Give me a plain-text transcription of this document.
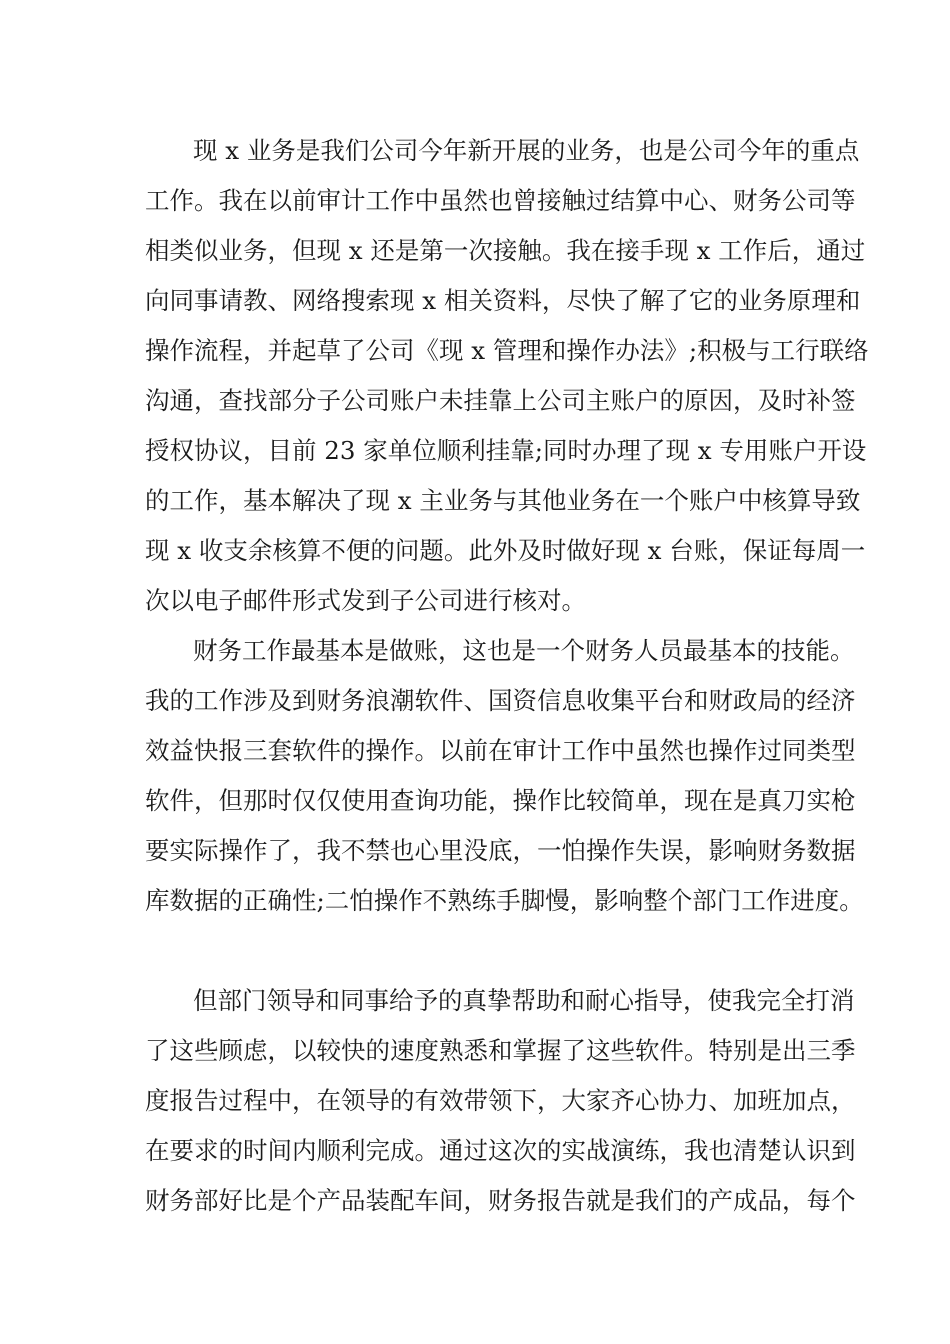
现 x 业务是我们公司今年新开展的业务，也是公司今年的重点

工作。我在以前审计工作中虽然也曾接触过结算中心、财务公司等

相类似业务，但现 x 还是第一次接触。我在接手现 x 工作后，通过

向同事请教、网络搜索现 x 相关资料，尽快了解了它的业务原理和

操作流程，并起草了公司《现 x 管理和操作办法》;积极与工行联络

沟通，查找部分子公司账户未挂靠上公司主账户的原因，及时补签

授权协议，目前 23 家单位顺利挂靠;同时办理了现 x 专用账户开设

的工作，基本解决了现 x 主业务与其他业务在一个账户中核算导致

现 x 收支余核算不便的问题。此外及时做好现 x 台账，保证每周一

次以电子邮件形式发到子公司进行核对。

财务工作最基本是做账，这也是一个财务人员最基本的技能。

我的工作涉及到财务浪潮软件、国资信息收集平台和财政局的经济

效益快报三套软件的操作。以前在审计工作中虽然也操作过同类型

软件，但那时仅仅使用查询功能，操作比较简单，现在是真刀实枪

要实际操作了，我不禁也心里没底，一怕操作失误，影响财务数据

库数据的正确性;二怕操作不熟练手脚慢，影响整个部门工作进度。

但部门领导和同事给予的真挚帮助和耐心指导，使我完全打消

了这些顾虑，以较快的速度熟悉和掌握了这些软件。特别是出三季

度报告过程中，在领导的有效带领下，大家齐心协力、加班加点，

在要求的时间内顺利完成。通过这次的实战演练，我也清楚认识到

财务部好比是个产品装配车间，财务报告就是我们的产成品，每个
